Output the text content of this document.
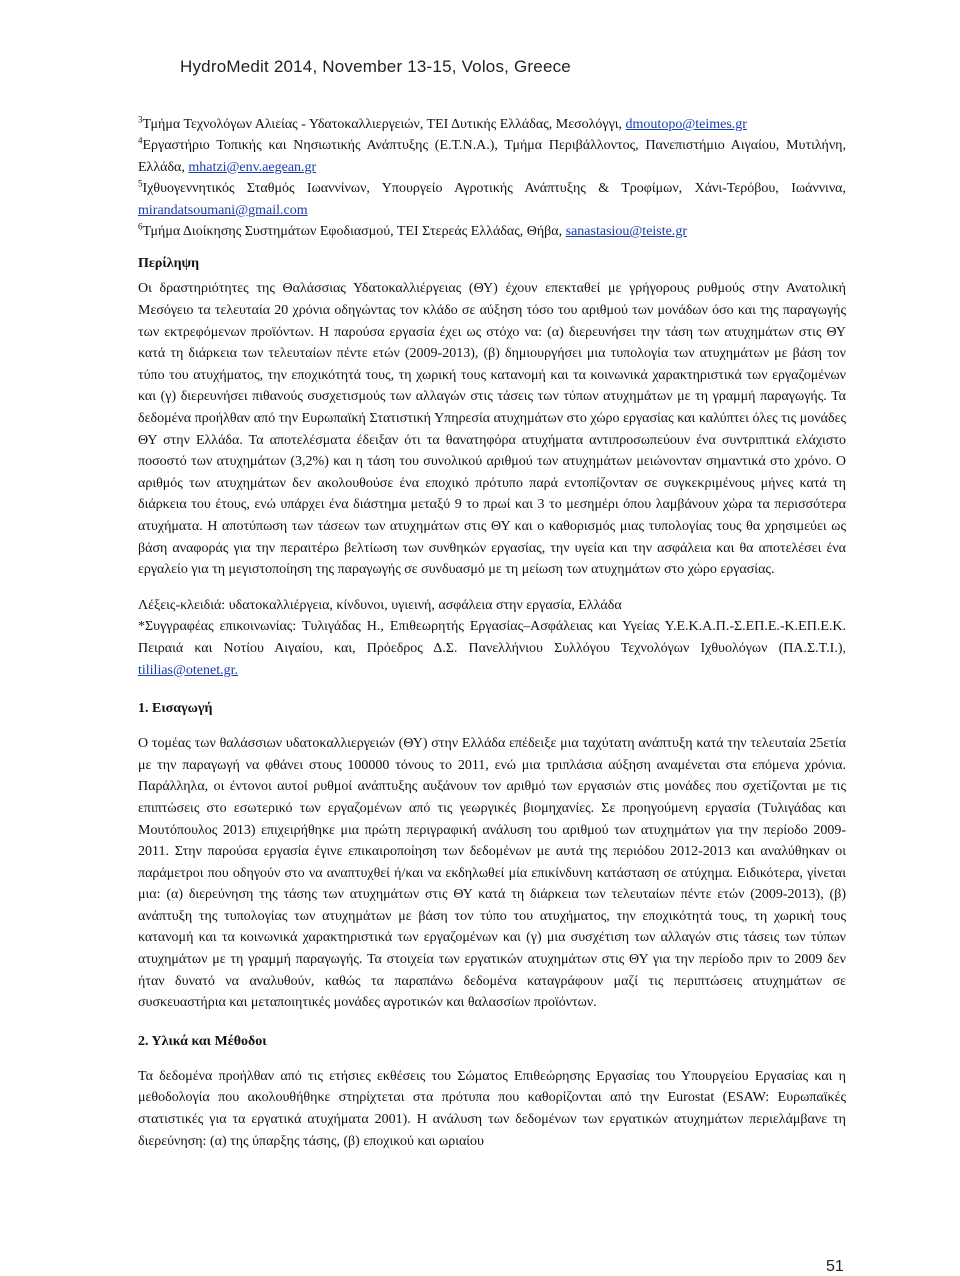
HydroMedit 2014, November 13-15, Volos, Greece

$^3$Τμήμα Τεχνολόγων Αλιείας - Υδατοκαλλιεργειών, ΤΕΙ Δυτικής Ελλάδας, Μεσολόγγι, dmoutopo@teimes.gr

$^4$Εργαστήριο Τοπικής και Νησιωτικής Ανάπτυξης (Ε.Τ.Ν.Α.), Τμήμα Περιβάλλοντος, Πανεπιστήμιο Αιγαίου, Μυτιλήνη, Ελλάδα, mhatzi@env.aegean.gr

$^5$Ιχθυογεννητικός Σταθμός Ιωαννίνων, Υπουργείο Αγροτικής Ανάπτυξης & Τροφίμων, Χάνι-Τερόβου, Ιωάννινα, mirandatsoumani@gmail.com

$^6$Τμήμα Διοίκησης Συστημάτων Εφοδιασμού, ΤΕΙ Στερεάς Ελλάδας, Θήβα, sanastasiou@teiste.gr

Περίληψη

Οι δραστηριότητες της Θαλάσσιας Υδατοκαλλιέργειας (ΘΥ) έχουν επεκταθεί με γρήγορους ρυθμούς στην Ανατολική Μεσόγειο τα τελευταία 20 χρόνια οδηγώντας τον κλάδο σε αύξηση τόσο του αριθμού των μονάδων όσο και της παραγωγής των εκτρεφόμενων προϊόντων. Η παρούσα εργασία έχει ως στόχο να: (α) διερευνήσει την τάση των ατυχημάτων στις ΘΥ κατά τη διάρκεια των τελευταίων πέντε ετών (2009-2013), (β) δημιουργήσει μια τυπολογία των ατυχημάτων με βάση τον τύπο του ατυχήματος, την εποχικότητά τους, τη χωρική τους κατανομή και τα κοινωνικά χαρακτηριστικά των εργαζομένων και (γ) διερευνήσει πιθανούς συσχετισμούς των αλλαγών στις τάσεις των τύπων ατυχημάτων με τη γραμμή παραγωγής. Τα δεδομένα προήλθαν από την Ευρωπαϊκή Στατιστική Υπηρεσία ατυχημάτων στο χώρο εργασίας και καλύπτει όλες τις μονάδες ΘΥ στην Ελλάδα. Τα αποτελέσματα έδειξαν ότι τα θανατηφόρα ατυχήματα αντιπροσωπεύουν ένα συντριπτικά ελάχιστο ποσοστό των ατυχημάτων (3,2%) και η τάση του συνολικού αριθμού των ατυχημάτων μειώνονταν σημαντικά στο χρόνο. Ο αριθμός των ατυχημάτων δεν ακολουθούσε ένα εποχικό πρότυπο παρά εντοπίζονταν σε συγκεκριμένους μήνες κατά τη διάρκεια του έτους, ενώ υπάρχει ένα διάστημα μεταξύ 9 το πρωί και 3 το μεσημέρι όπου λαμβάνουν χώρα τα περισσότερα ατυχήματα. Η αποτύπωση των τάσεων των ατυχημάτων στις ΘΥ και ο καθορισμός μιας τυπολογίας τους θα χρησιμεύει ως βάση αναφοράς για την περαιτέρω βελτίωση των συνθηκών εργασίας, την υγεία και την ασφάλεια και θα αποτελέσει ένα εργαλείο για τη μεγιστοποίηση της παραγωγής σε συνδυασμό με τη μείωση των ατυχημάτων στο χώρο εργασίας.

Λέξεις-κλειδιά: υδατοκαλλιέργεια, κίνδυνοι, υγιεινή, ασφάλεια στην εργασία, Ελλάδα

*Συγγραφέας επικοινωνίας: Τυλιγάδας Η., Επιθεωρητής Εργασίας–Ασφάλειας και Υγείας Υ.Ε.Κ.Α.Π.-Σ.ΕΠ.Ε.-Κ.ΕΠ.Ε.Κ. Πειραιά και Νοτίου Αιγαίου, και, Πρόεδρος Δ.Σ. Πανελλήνιου Συλλόγου Τεχνολόγων Ιχθυολόγων (ΠΑ.Σ.Τ.Ι.), tililias@otenet.gr.

1. Εισαγωγή

Ο τομέας των θαλάσσιων υδατοκαλλιεργειών (ΘΥ) στην Ελλάδα επέδειξε μια ταχύτατη ανάπτυξη κατά την τελευταία 25ετία με την παραγωγή να φθάνει στους 100000 τόνους το 2011, ενώ μια τριπλάσια αύξηση αναμένεται στα επόμενα χρόνια. Παράλληλα, οι έντονοι αυτοί ρυθμοί ανάπτυξης αυξάνουν τον αριθμό των εργασιών στις μονάδες που σχετίζονται με τις επιπτώσεις στο εσωτερικό των εργαζομένων από τις γεωργικές βιομηχανίες. Σε προηγούμενη εργασία (Τυλιγάδας και Μουτόπουλος 2013) επιχειρήθηκε μια πρώτη περιγραφική ανάλυση του αριθμού των ατυχημάτων για την περίοδο 2009-2011. Στην παρούσα εργασία έγινε επικαιροποίηση των δεδομένων με αυτά της περιόδου 2012-2013 και αναλύθηκαν οι παράμετροι που οδηγούν στο να αναπτυχθεί ή/και να εκδηλωθεί μία επικίνδυνη κατάσταση σε ατύχημα. Ειδικότερα, γίνεται μια: (α) διερεύνηση της τάσης των ατυχημάτων στις ΘΥ κατά τη διάρκεια των τελευταίων πέντε ετών (2009-2013), (β) ανάπτυξη της τυπολογίας των ατυχημάτων με βάση τον τύπο του ατυχήματος, την εποχικότητά τους, τη χωρική τους κατανομή και τα κοινωνικά χαρακτηριστικά των εργαζομένων και (γ) μια συσχέτιση των αλλαγών στις τάσεις των τύπων ατυχημάτων με τη γραμμή παραγωγής. Τα στοιχεία των εργατικών ατυχημάτων στις ΘΥ για την περίοδο πριν το 2009 δεν ήταν δυνατό να αναλυθούν, καθώς τα παραπάνω δεδομένα καταγράφουν μαζί τις περιπτώσεις ατυχημάτων σε συσκευαστήρια και μεταποιητικές μονάδες αγροτικών και θαλασσίων προϊόντων.

2. Υλικά και Μέθοδοι

Τα δεδομένα προήλθαν από τις ετήσιες εκθέσεις του Σώματος Επιθεώρησης Εργασίας του Υπουργείου Εργασίας και η μεθοδολογία που ακολουθήθηκε στηρίχτεται στα πρότυπα που καθορίζονται από την Eurostat (ESAW: Ευρωπαϊκές στατιστικές για τα εργατικά ατυχήματα 2001). Η ανάλυση των δεδομένων των εργατικών ατυχημάτων περιελάμβανε τη διερεύνηση: (α) της ύπαρξης τάσης, (β) εποχικού και ωριαίου

51
